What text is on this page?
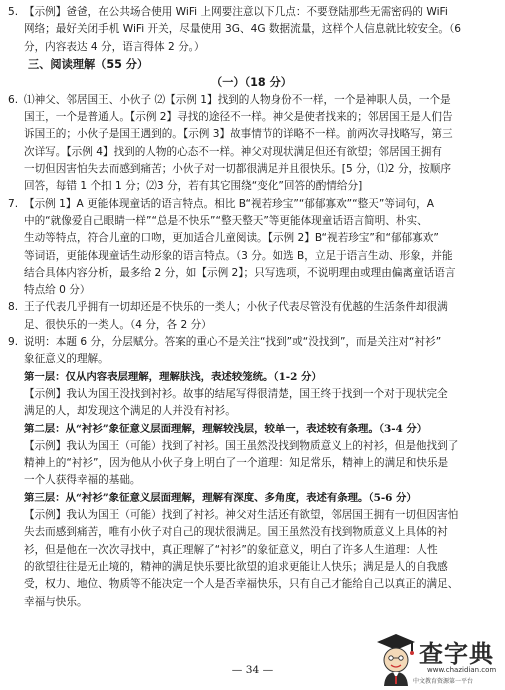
5. 【示例】爸爸，在公共场合使用 WiFi 上网要注意以下几点：不要登陆那些无需密码的 WiFi
网络；最好关闭手机 WiFi 开关，尽量使用 3G、4G 数据流量，这样个人信息就比较安全。（6
分，内容表达 4 分，语言得体 2 分。）
三、阅读理解（55 分）
（一）（18 分）
6. ⑴神父、邻居国王、小伙子 ⑵【示例 1】找到的人物身份不一样，一个是神职人员，一个是
国王，一个是普通人。【示例 2】寻找的途径不一样。神父是使者找来的；邻居国王是人们告
诉国王的；小伙子是国王遇到的。【示例 3】故事情节的详略不一样。前两次寻找略写，第三
次详写。【示例 4】找到的人物的心态不一样。神父对现状满足但还有欲望；邻居国王拥有
一切但因害怕失去而感到痛苦；小伙子对一切都很满足并且很快乐。[5 分，⑴2 分，按顺序
回答，每错 1 个扣 1 分；⑵3 分，若有其它围绕“变化”回答的酌情给分]
7. 【示例 1】A 更能体现童话的语言特点。相比 B“视若珍宝”“郁郁寡欢”“整天”等词句，A
中的“就像爱自己眼睛一样”“总是不快乐”“整天整天”等更能体现童话语言简明、朴实、
生动等特点，符合儿童的口吻，更加适合儿童阅读。【示例 2】B“视若珍宝”和“郁郁寡欢”
等词语，更能体现童话生动形象的语言特点。（3 分。如选 B，立足于语言生动、形象，并能
结合具体内容分析，最多给 2 分，如【示例 2】；只写选项，不说明理由或理由偏离童话语言
特点给 0 分）
8. 王子代表几乎拥有一切却还是不快乐的一类人；小伙子代表尽管没有优越的生活条件却很满
足、很快乐的一类人。（4 分，各 2 分）
9. 说明：本题 6 分，分层赋分。答案的重心不是关注“找到”或“没找到”，而是关注对“衬衫”
象征意义的理解。
第一层：仅从内容表层理解，理解肤浅，表述较笼统。（1-2 分）
【示例】我认为国王没找到衬衫。故事的结尾写得很清楚，国王终于找到一个对于现状完全
满足的人，却发现这个满足的人并没有衬衫。
第二层：从“衬衫”象征意义层面理解，理解较浅层，较单一，表述较有条理。（3-4 分）
【示例】我认为国王（可能）找到了衬衫。国王虽然没找到物质意义上的衬衫，但是他找到了
精神上的“衬衫”，因为他从小伙子身上明白了一个道理：知足常乐，精神上的满足和快乐是
一个人获得幸福的基础。
第三层：从“衬衫”象征意义层面理解，理解有深度、多角度，表述有条理。（5-6 分）
【示例】我认为国王（可能）找到了衬衫。神父对生活还有欲望，邻居国王拥有一切但因害怕
失去而感到痛苦，唯有小伙子对自己的现状很满足。国王虽然没有找到物质意义上具体的衬
衫，但是他在一次次寻找中，真正理解了“衬衫”的象征意义，明白了许多人生道理：人性
的欲望往往是无止境的，精神的满足快乐要比欲望的追求更能让人快乐；满足是人的自我感
受，权力、地位、物质等不能决定一个人是否幸福快乐，只有自己才能给自己以真正的满足、
幸福与快乐。
— 34 —
查字典
www.chazidian.com
中文教育资源第一平台
